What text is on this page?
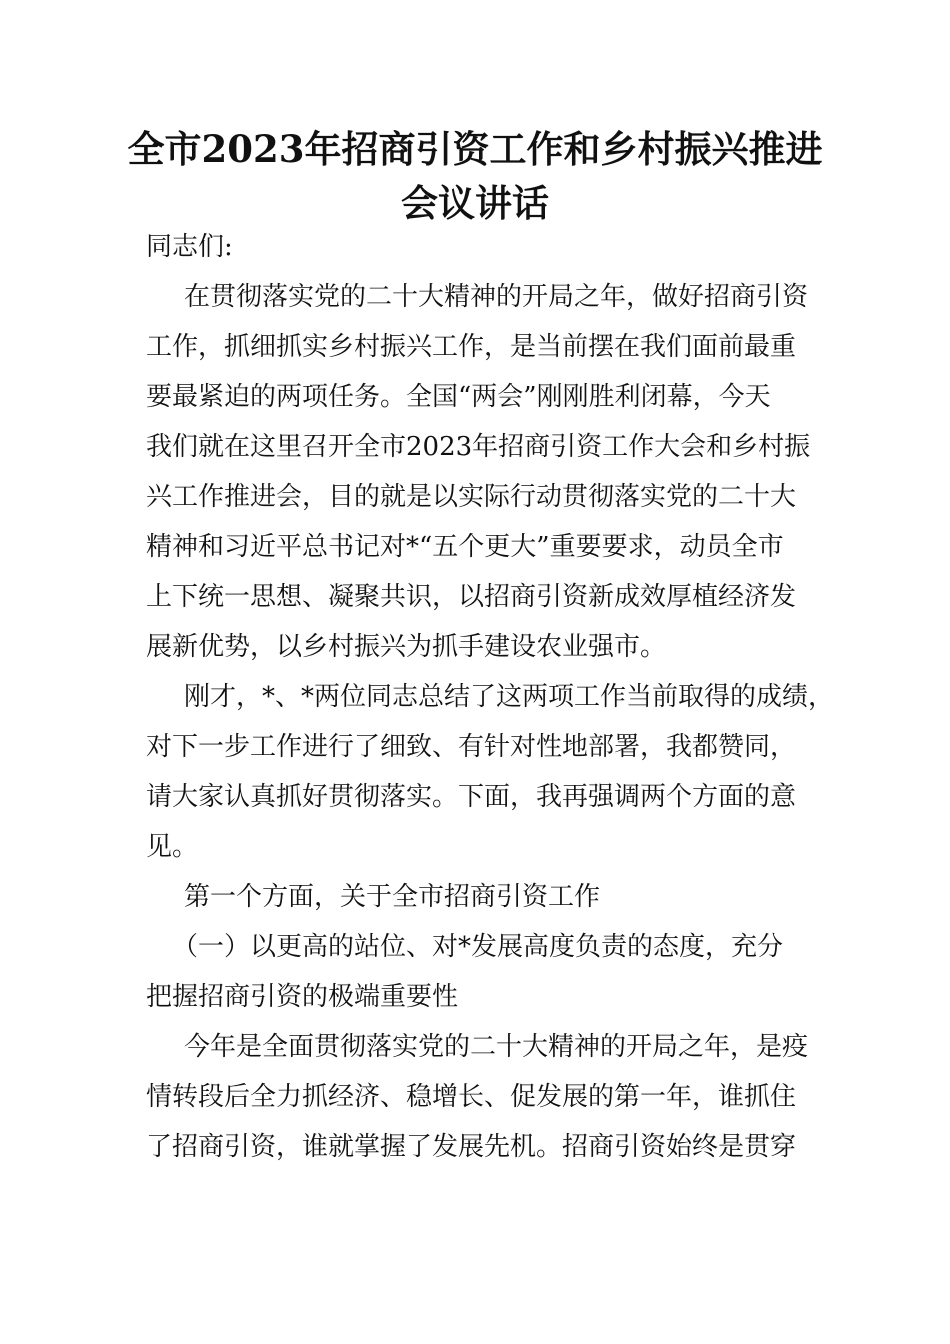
全市2023年招商引资工作和乡村振兴推进
会议讲话
同志们:
在贯彻落实党的二十大精神的开局之年，做好招商引资
工作，抓细抓实乡村振兴工作，是当前摆在我们面前最重
要最紧迫的两项任务。全国“两会”刚刚胜利闭幕，今天
我们就在这里召开全市2023年招商引资工作大会和乡村振
兴工作推进会，目的就是以实际行动贯彻落实党的二十大
精神和习近平总书记对*“五个更大”重要要求，动员全市
上下统一思想、凝聚共识，以招商引资新成效厚植经济发
展新优势，以乡村振兴为抓手建设农业强市。
刚才，*、*两位同志总结了这两项工作当前取得的成绩，
对下一步工作进行了细致、有针对性地部署，我都赞同，
请大家认真抓好贯彻落实。下面，我再强调两个方面的意
见。
第一个方面，关于全市招商引资工作
（一）以更高的站位、对*发展高度负责的态度，充分
把握招商引资的极端重要性
今年是全面贯彻落实党的二十大精神的开局之年，是疫
情转段后全力抓经济、稳增长、促发展的第一年，谁抓住
了招商引资，谁就掌握了发展先机。招商引资始终是贯穿
